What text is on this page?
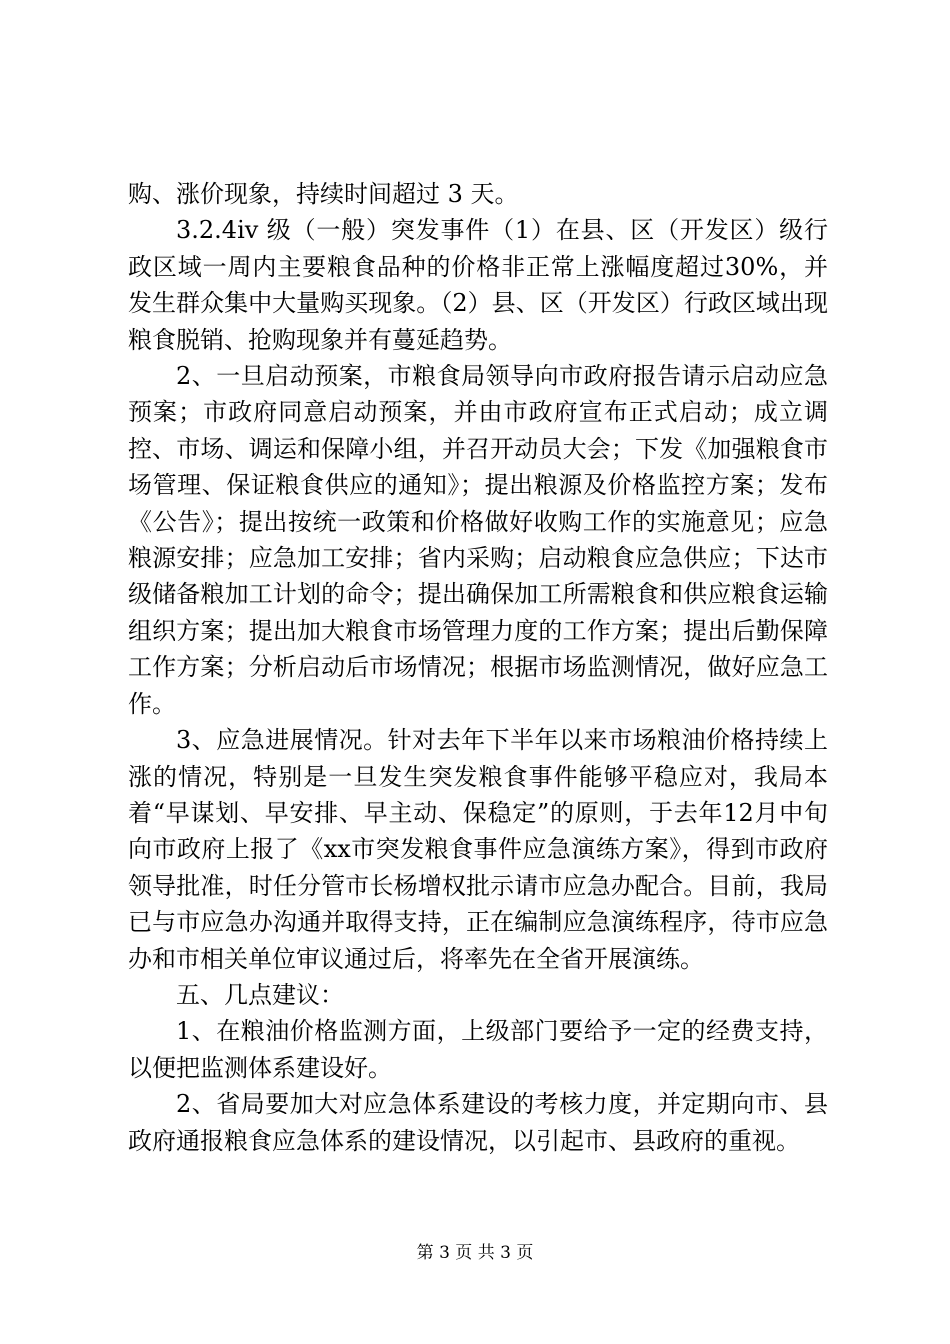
购、涨价现象，持续时间超过 3 天。

3.2.4iv 级（一般）突发事件（1）在县、区（开发区）级行政区域一周内主要粮食品种的价格非正常上涨幅度超过30%，并发生群众集中大量购买现象。（2）县、区（开发区）行政区域出现粮食脱销、抢购现象并有蔓延趋势。

2、一旦启动预案，市粮食局领导向市政府报告请示启动应急预案；市政府同意启动预案，并由市政府宣布正式启动；成立调控、市场、调运和保障小组，并召开动员大会；下发《加强粮食市场管理、保证粮食供应的通知》；提出粮源及价格监控方案；发布《公告》；提出按统一政策和价格做好收购工作的实施意见；应急粮源安排；应急加工安排；省内采购；启动粮食应急供应；下达市级储备粮加工计划的命令；提出确保加工所需粮食和供应粮食运输组织方案；提出加大粮食市场管理力度的工作方案；提出后勤保障工作方案；分析启动后市场情况；根据市场监测情况，做好应急工作。

3、应急进展情况。针对去年下半年以来市场粮油价格持续上涨的情况，特别是一旦发生突发粮食事件能够平稳应对，我局本着“早谋划、早安排、早主动、保稳定”的原则，于去年12月中旬向市政府上报了《xx市突发粮食事件应急演练方案》，得到市政府领导批准，时任分管市长杨增权批示请市应急办配合。目前，我局已与市应急办沟通并取得支持，正在编制应急演练程序，待市应急办和市相关单位审议通过后，将率先在全省开展演练。

五、几点建议：

1、在粮油价格监测方面，上级部门要给予一定的经费支持，以便把监测体系建设好。

2、省局要加大对应急体系建设的考核力度，并定期向市、县政府通报粮食应急体系的建设情况，以引起市、县政府的重视。

第 3 页 共 3 页
